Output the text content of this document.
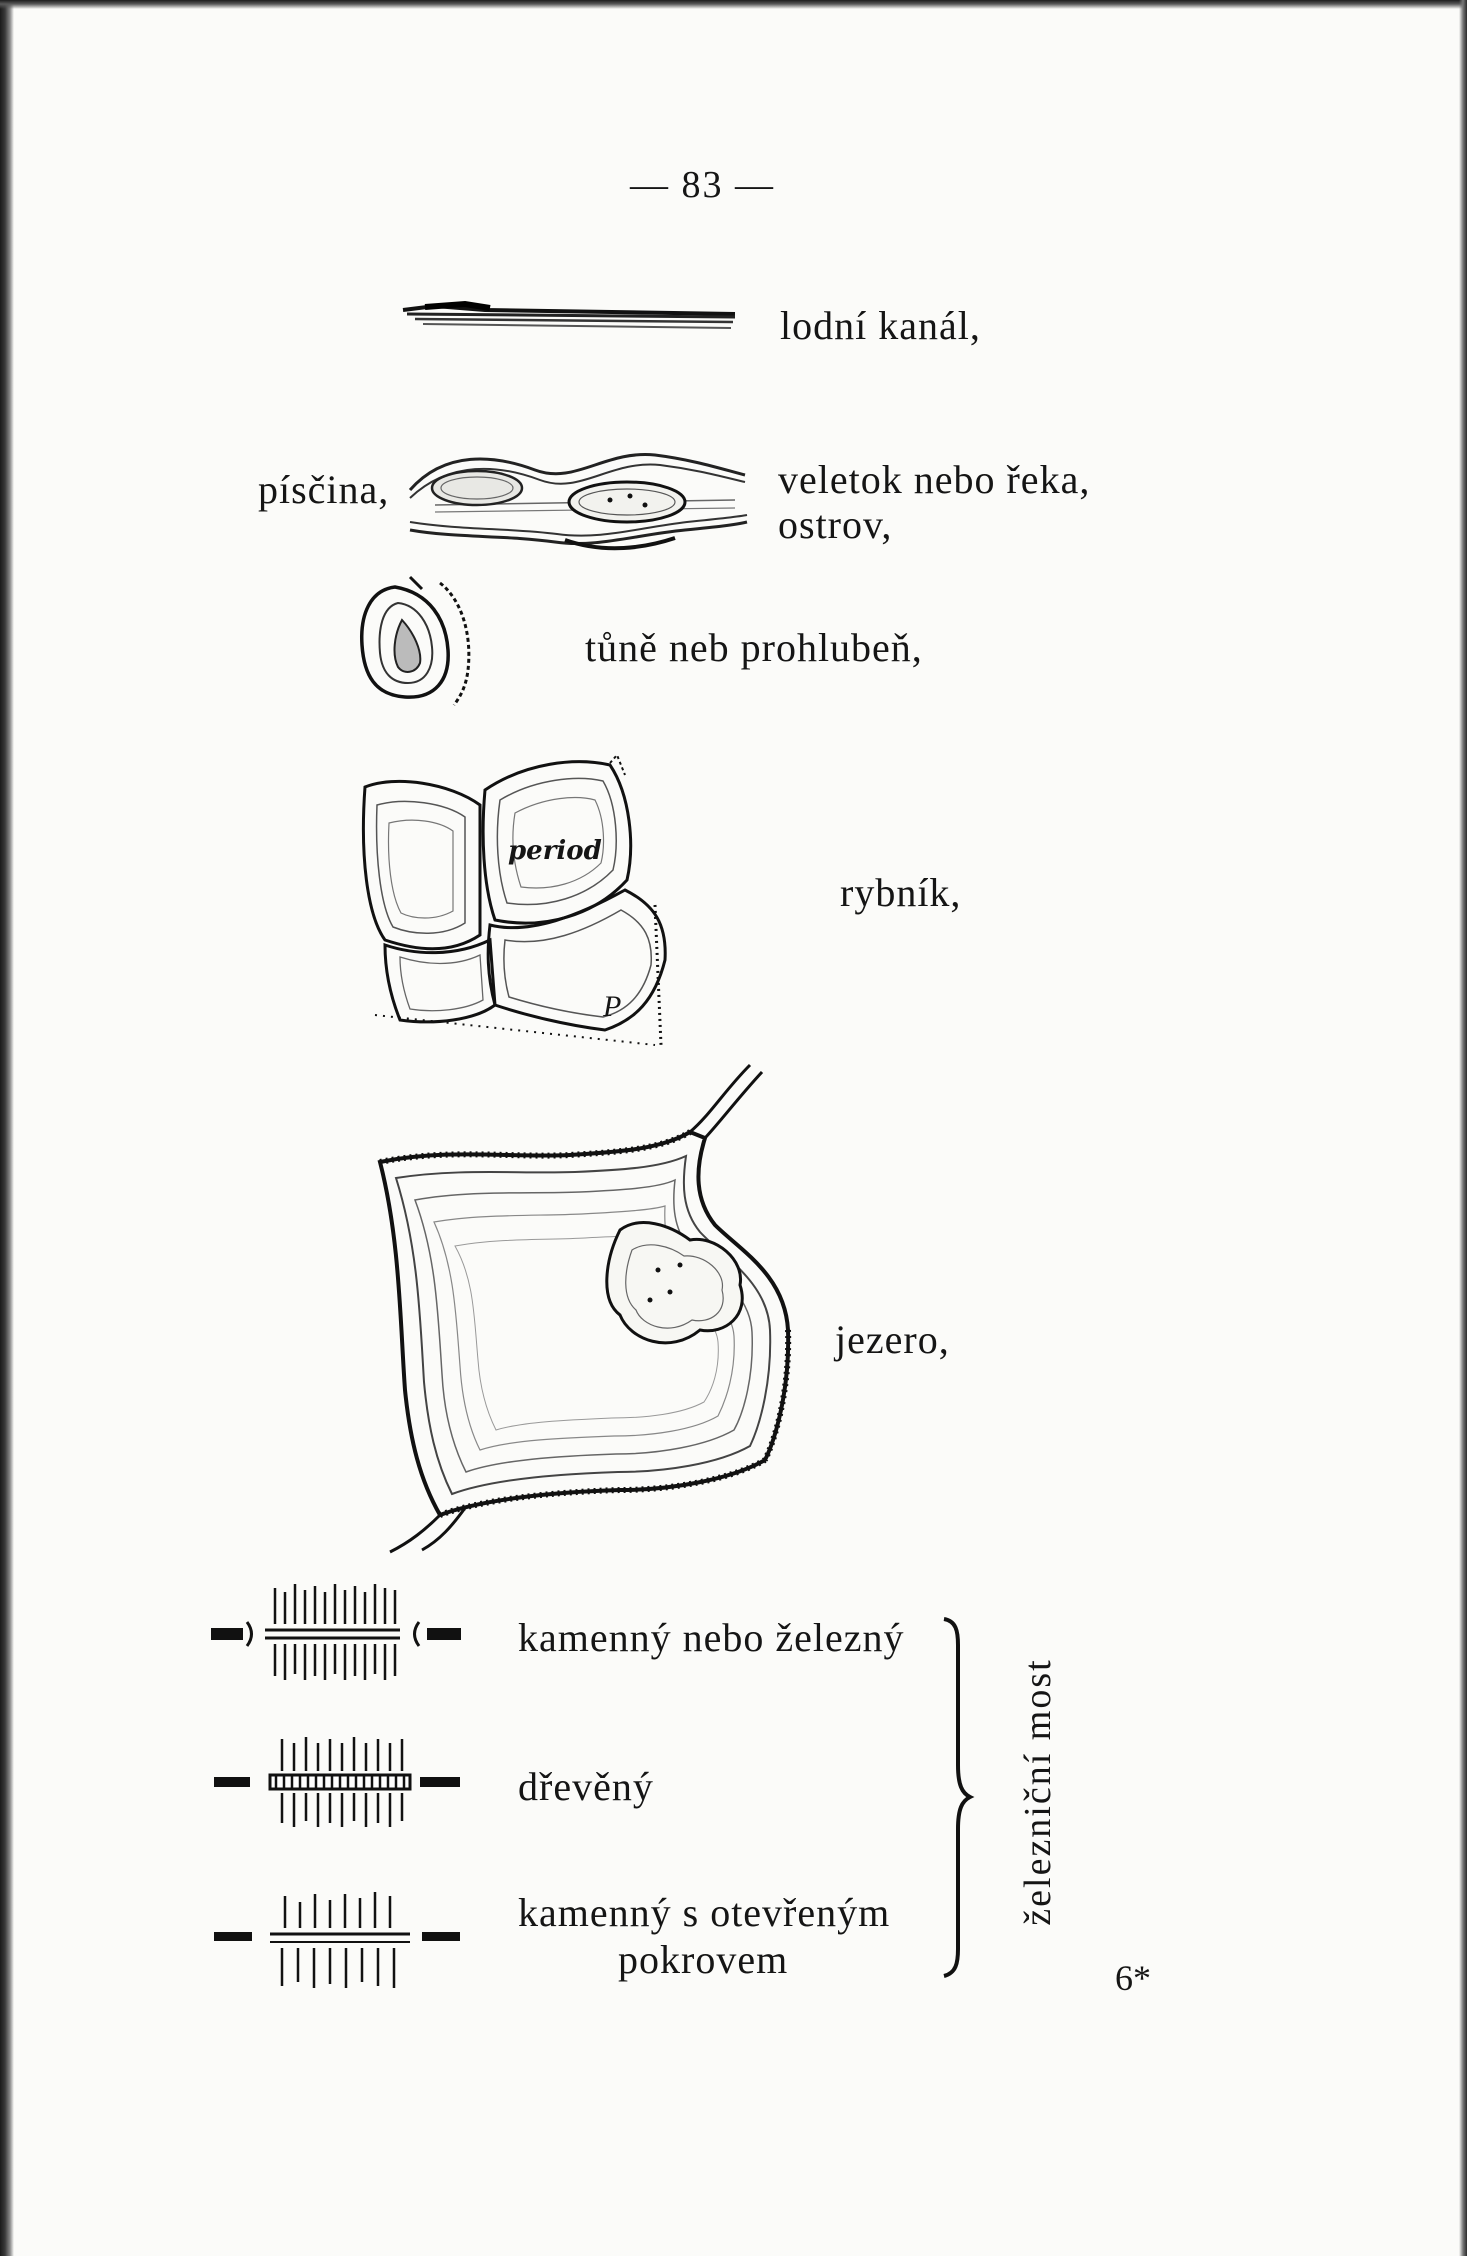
— 83 —
lodní kanál,
písčina,	veletok nebo řeka,
ostrov,
tůně neb prohlubeň,
period
P
rybník,
jezero,
kamenný nebo železný
dřevěný
kamenný s otevřeným
pokrovem
železniční most
6*
